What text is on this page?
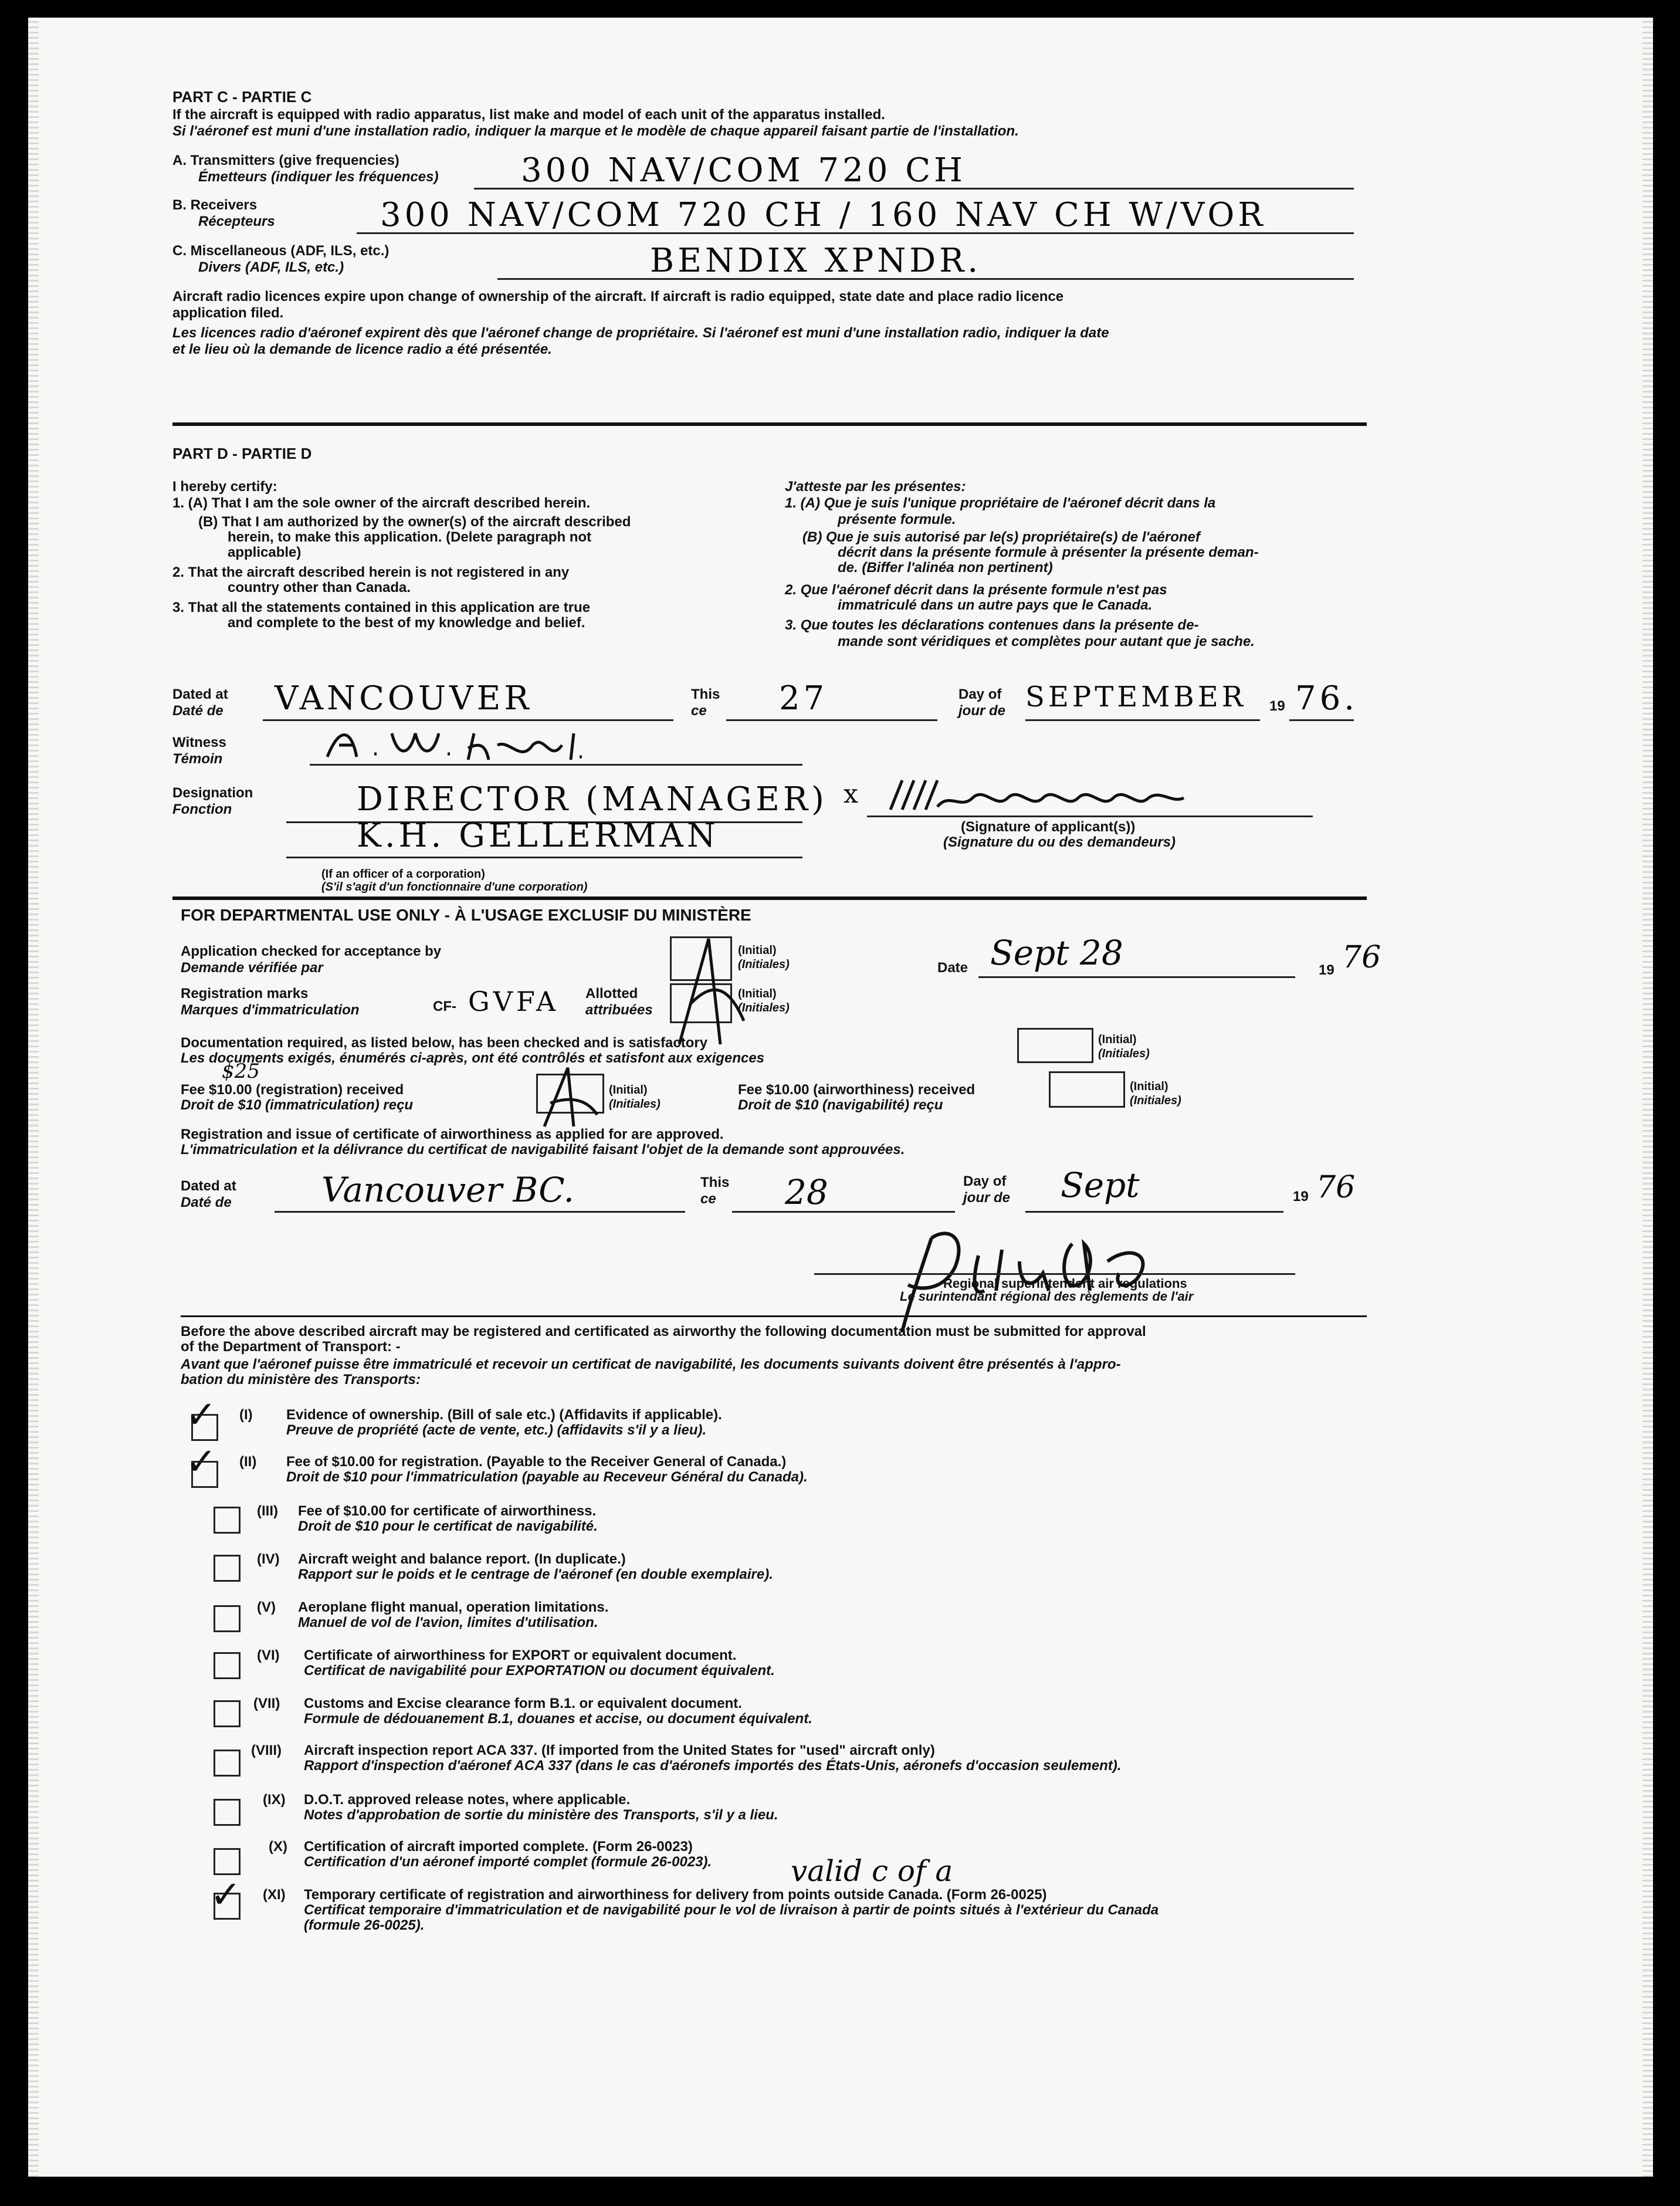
PART C - PARTIE C
If the aircraft is equipped with radio apparatus, list make and model of each unit of the apparatus installed.
Si l'aéronef est muni d'une installation radio, indiquer la marque et le modèle de chaque appareil faisant partie de l'installation.
A. Transmitters (give frequencies)
Émetteurs (indiquer les fréquences)	300 NAV/COM 720 CH
B. Receivers
Récepteurs	300 NAV/COM 720 CH / 160 NAV CH W/VOR
C. Miscellaneous (ADF, ILS, etc.)
Divers (ADF, ILS, etc.)	BENDIX XPNDR.
Aircraft radio licences expire upon change of ownership of the aircraft. If aircraft is radio equipped, state date and place radio licence
application filed.
Les licences radio d'aéronef expirent dès que l'aéronef change de propriétaire. Si l'aéronef est muni d'une installation radio, indiquer la date
et le lieu où la demande de licence radio a été présentée.
PART D - PARTIE D
I hereby certify:
1. (A) That I am the sole owner of the aircraft described herein.
(B) That I am authorized by the owner(s) of the aircraft described
herein, to make this application. (Delete paragraph not
applicable)
2. That the aircraft described herein is not registered in any
country other than Canada.
3. That all the statements contained in this application are true
and complete to the best of my knowledge and belief.
J'atteste par les présentes:
1. (A) Que je suis l'unique propriétaire de l'aéronef décrit dans la
présente formule.
(B) Que je suis autorisé par le(s) propriétaire(s) de l'aéronef
décrit dans la présente formule à présenter la présente deman-
de. (Biffer l'alinéa non pertinent)
2. Que l'aéronef décrit dans la présente formule n'est pas
immatriculé dans un autre pays que le Canada.
3. Que toutes les déclarations contenues dans la présente de-
mande sont véridiques et complètes pour autant que je sache.
Dated at
Daté de VANCOUVER	This
ce 27	Day of
jour de SEPTEMBER 19 76.
Witness
Témoin
Designation
Fonction	DIRECTOR (MANAGER)
K.H. GELLERMAN
(If an officer of a corporation)
(S'il s'agit d'un fonctionnaire d'une corporation)
x
(Signature of applicant(s))
(Signature du ou des demandeurs)
FOR DEPARTMENTAL USE ONLY - À L'USAGE EXCLUSIF DU MINISTÈRE
Application checked for acceptance by
Demande vérifiée par
(Initial)
(Initiales)	Date Sept 28	19 76
Registration marks
Marques d'immatriculation	CF- GVFA Allotted
attribuées
(Initial)
(Initiales)
Documentation required, as listed below, has been checked and is satisfactory
Les documents exigés, énumérés ci-après, ont été contrôlés et satisfont aux exigences
(Initial)
(Initiales)
Fee $10.00 (registration) received
Droit de $10 (immatriculation) reçu
$25
(Initial)
(Initiales)
Fee $10.00 (airworthiness) received
Droit de $10 (navigabilité) reçu
(Initial)
(Initiales)
Registration and issue of certificate of airworthiness as applied for are approved.
L'immatriculation et la délivrance du certificat de navigabilité faisant l'objet de la demande sont approuvées.
Dated at
Daté de	Vancouver BC.	This
ce 28	Day of
jour de Sept	19 76
Regional superintendent air regulations
Le surintendant régional des règlements de l'air
Before the above described aircraft may be registered and certificated as airworthy the following documentation must be submitted for approval
of the Department of Transport: -
Avant que l'aéronef puisse être immatriculé et recevoir un certificat de navigabilité, les documents suivants doivent être présentés à l'appro-
bation du ministère des Transports:
✓ (I) Evidence of ownership. (Bill of sale etc.) (Affidavits if applicable).
Preuve de propriété (acte de vente, etc.) (affidavits s'il y a lieu).
✓ (II) Fee of $10.00 for registration. (Payable to the Receiver General of Canada.)
Droit de $10 pour l'immatriculation (payable au Receveur Général du Canada).
(III) Fee of $10.00 for certificate of airworthiness.
Droit de $10 pour le certificat de navigabilité.
(IV) Aircraft weight and balance report. (In duplicate.)
Rapport sur le poids et le centrage de l'aéronef (en double exemplaire).
(V) Aeroplane flight manual, operation limitations.
Manuel de vol de l'avion, limites d'utilisation.
(VI) Certificate of airworthiness for EXPORT or equivalent document.
Certificat de navigabilité pour EXPORTATION ou document équivalent.
(VII) Customs and Excise clearance form B.1. or equivalent document.
Formule de dédouanement B.1, douanes et accise, ou document équivalent.
(VIII) Aircraft inspection report ACA 337. (If imported from the United States for "used" aircraft only)
Rapport d'inspection d'aéronef ACA 337 (dans le cas d'aéronefs importés des États-Unis, aéronefs d'occasion seulement).
(IX) D.O.T. approved release notes, where applicable.
Notes d'approbation de sortie du ministère des Transports, s'il y a lieu.
(X) Certification of aircraft imported complete. (Form 26-0023)
Certification d'un aéronef importé complet (formule 26-0023).
✓ (XI) Temporary certificate of registration and airworthiness for delivery from points outside Canada. (Form 26-0025)
Certificat temporaire d'immatriculation et de navigabilité pour le vol de livraison à partir de points situés à l'extérieur du Canada
(formule 26-0025).
valid c of a
